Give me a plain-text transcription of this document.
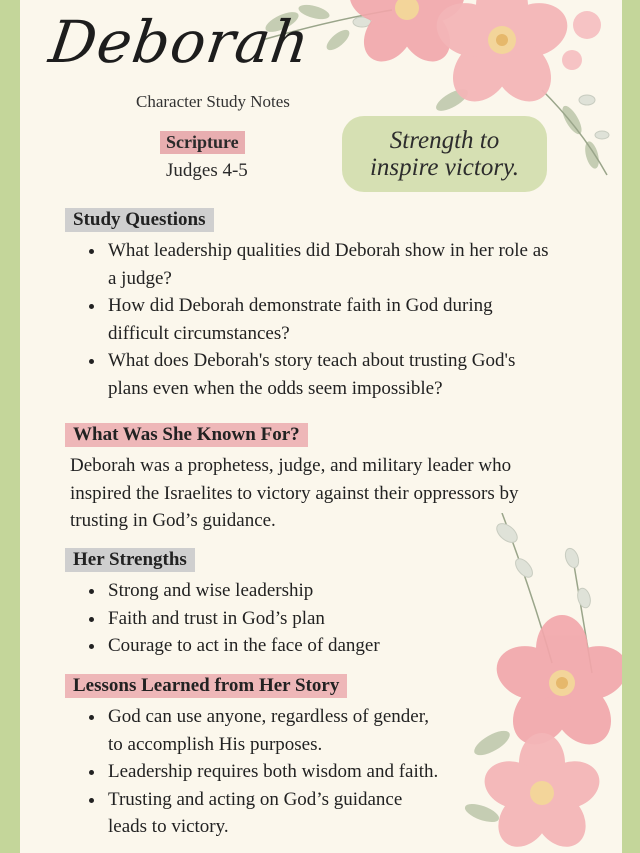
Deborah
Character Study Notes
Scripture
Judges 4-5
Strength to
inspire victory.
Study Questions
• What leadership qualities did Deborah show in her role as
a judge?
• How did Deborah demonstrate faith in God during
difficult circumstances?
• What does Deborah's story teach about trusting God's
plans even when the odds seem impossible?
What Was She Known For?
Deborah was a prophetess, judge, and military leader who
inspired the Israelites to victory against their oppressors by
trusting in God’s guidance.
Her Strengths
• Strong and wise leadership
• Faith and trust in God’s plan
• Courage to act in the face of danger
Lessons Learned from Her Story
• God can use anyone, regardless of gender,
to accomplish His purposes.
• Leadership requires both wisdom and faith.
• Trusting and acting on God’s guidance
leads to victory.
